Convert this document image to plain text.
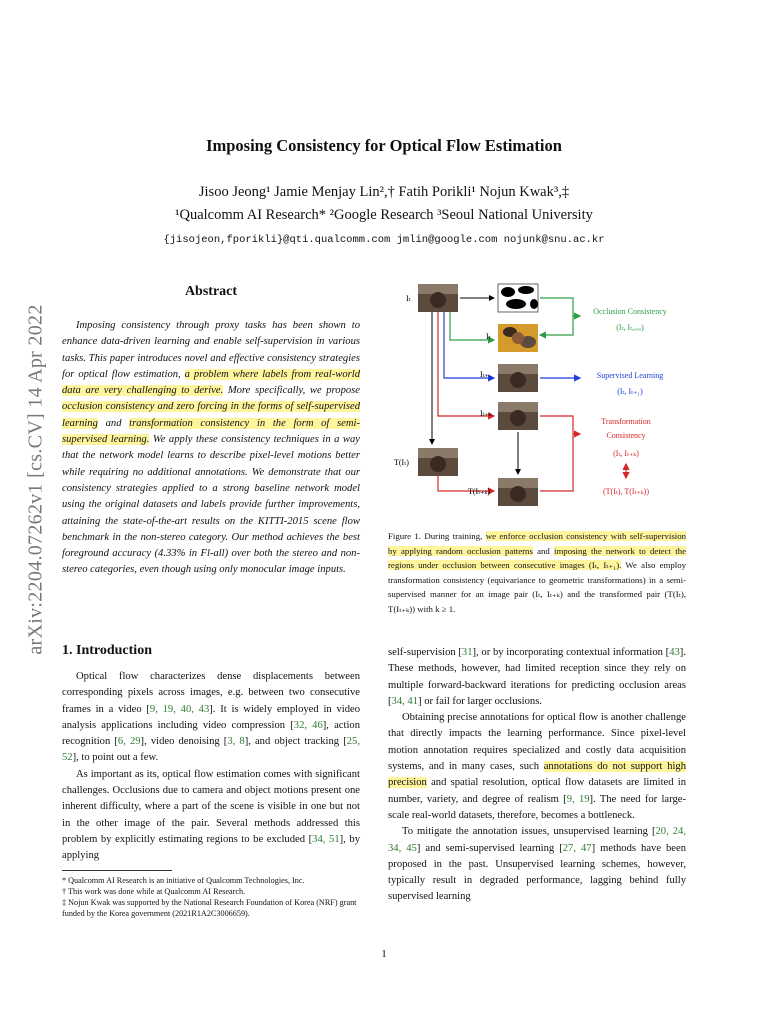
Imposing Consistency for Optical Flow Estimation
Jisoo Jeong¹ Jamie Menjay Lin²,† Fatih Porikli¹ Nojun Kwak³,‡
¹Qualcomm AI Research* ²Google Research ³Seoul National University
{jisojeon,fporikli}@qti.qualcomm.com jmlin@google.com nojunk@snu.ac.kr
arXiv:2204.07262v1 [cs.CV] 14 Apr 2022
Abstract
Imposing consistency through proxy tasks has been shown to enhance data-driven learning and enable self-supervision in various tasks. This paper introduces novel and effective consistency strategies for optical flow estimation, a problem where labels from real-world data are very challenging to derive. More specifically, we propose occlusion consistency and zero forcing in the forms of self-supervised learning and transformation consistency in the form of semi-supervised learning. We apply these consistency techniques in a way that the network model learns to describe pixel-level motions better while requiring no additional annotations. We demonstrate that our consistency strategies applied to a strong baseline network model using the original datasets and labels provide further improvements, attaining the state-of-the-art results on the KITTI-2015 scene flow benchmark in the non-stereo category. Our method achieves the best foreground accuracy (4.33% in Fl-all) over both the stereo and non-stereo categories, even though using only monocular image inputs.
1. Introduction

Optical flow characterizes dense displacements between corresponding pixels across images, e.g. between two consecutive frames in a video [9, 19, 40, 43]. It is widely employed in video analysis applications including video compression [32, 46], action recognition [6, 29], video denoising [3, 8], and object tracking [25, 52], to point out a few.

As important as its, optical flow estimation comes with significant challenges. Occlusions due to camera and object motions present one inherent difficulty, where a part of the scene is visible in one but not in the other image of the pair. Several methods addressed this problem by explicitly estimating regions to be excluded [34, 51], by applying

* Qualcomm AI Research is an initiative of Qualcomm Technologies, Inc.
† This work was done while at Qualcomm AI Research.
‡ Nojun Kwak was supported by the National Research Foundation of Korea (NRF) grant funded by the Korea government (2021R1A2C3006659).
Iₜ
Iₜ
Iₜ₊₁
Iₜ₊ₖ
T(Iₜ)
T(Iₜ₊ₖ)
Occlusion Consistency
(Iₜ, Iₜ,ₒₒₒ)
Supervised Learning
(Iₜ, Iₜ₊₁)
Transformation
Consistency
(Iₜ, Iₜ₊ₖ)
(T(Iₜ), T(Iₜ₊ₖ))
Figure 1. During training, we enforce occlusion consistency with self-supervision by applying random occlusion patterns and imposing the network to detect the regions under occlusion between consecutive images (Iₜ, Iₜ₊₁). We also employ transformation consistency (equivariance to geometric transformations) in a semi-supervised manner for an image pair (Iₜ, Iₜ₊ₖ) and the transformed pair (T(Iₜ), T(Iₜ₊ₖ)) with k ≥ 1.

self-supervision [31], or by incorporating contextual information [43]. These methods, however, had limited reception since they rely on multiple forward-backward iterations for predicting occlusion areas [34, 41] or fail for larger occlusions.

Obtaining precise annotations for optical flow is another challenge that directly impacts the learning performance. Since pixel-level motion annotation requires specialized and costly data acquisition systems, and in many cases, such annotations do not support high precision and spatial resolution, optical flow datasets are limited in number, variety, and degree of realism [9, 19]. The need for large-scale real-world datasets, therefore, becomes a bottleneck.

To mitigate the annotation issues, unsupervised learning [20, 24, 34, 45] and semi-supervised learning [27, 47] methods have been proposed in the past. Unsupervised learning schemes, however, typically result in degraded performance, lagging behind fully supervised learning

1
